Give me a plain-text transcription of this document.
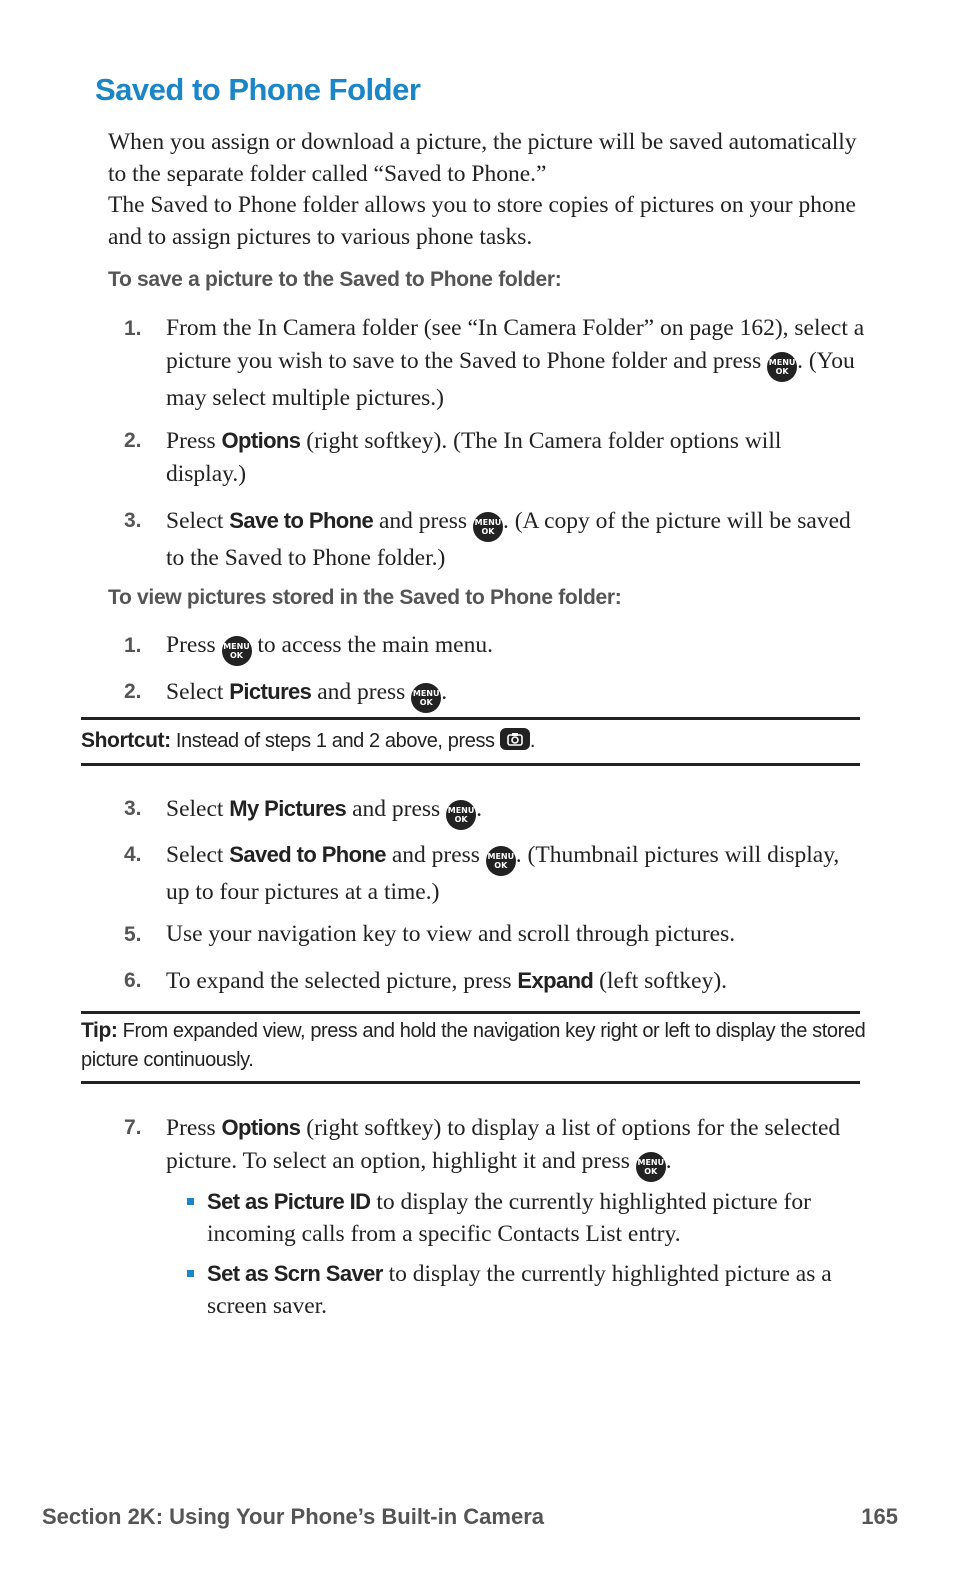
Saved to Phone Folder

When you assign or download a picture, the picture will be saved automatically to the separate folder called “Saved to Phone.”

The Saved to Phone folder allows you to store copies of pictures on your phone and to assign pictures to various phone tasks.

To save a picture to the Saved to Phone folder:

1.	From the In Camera folder (see “In Camera Folder” on page 162), select a picture you wish to save to the Saved to Phone folder and press MENU
OK . (You may select multiple pictures.)
2.	Press Options (right softkey). (The In Camera folder options will display.)
3.	Select Save to Phone and press MENU
OK . (A copy of the picture will be saved to the Saved to Phone folder.)

To view pictures stored in the Saved to Phone folder:

1.	Press MENU
OK to access the main menu.
2.	Select Pictures and press MENU
OK .

Shortcut: Instead of steps 1 and 2 above, press
.

3.	Select My Pictures and press MENU
OK .
4.	Select Saved to Phone and press MENU
OK . (Thumbnail pictures will display, up to four pictures at a time.)
5.	Use your navigation key to view and scroll through pictures.
6.	To expand the selected picture, press Expand (left softkey).

Tip: From expanded view, press and hold the navigation key right or left to display the stored picture continuously.

7.	Press Options (right softkey) to display a list of options for the selected picture. To select an option, highlight it and press MENU
OK .
Set as Picture ID to display the currently highlighted picture for incoming calls from a specific Contacts List entry.
Set as Scrn Saver to display the currently highlighted picture as a screen saver.
Section 2K: Using Your Phone’s Built-in Camera	165
